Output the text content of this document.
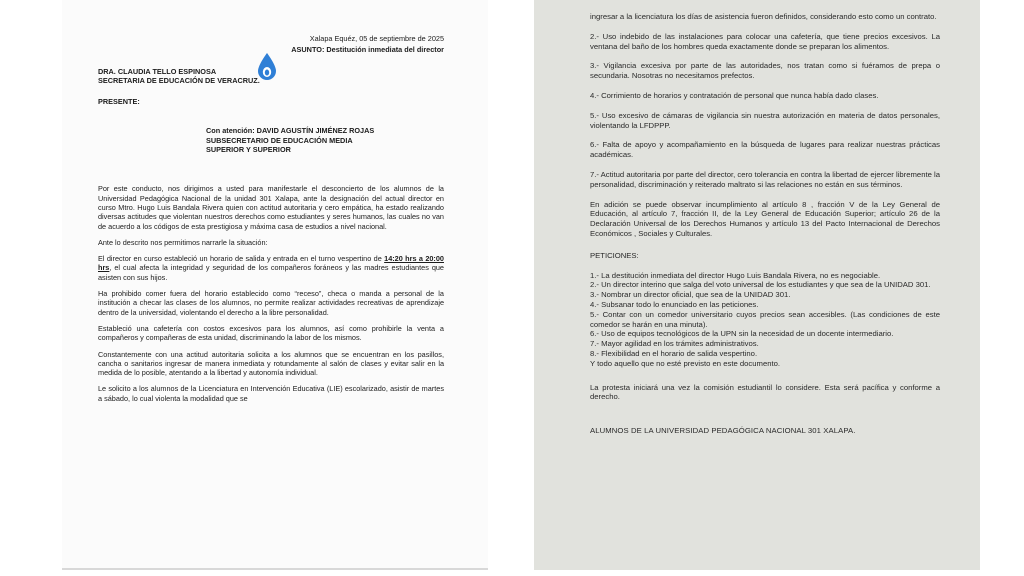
Xalapa Equéz, 05 de septiembre de 2025
ASUNTO: Destitución inmediata del director
DRA. CLAUDIA TELLO ESPINOSA
SECRETARIA DE EDUCACIÓN DE VERACRUZ.
PRESENTE:
Con atención: DAVID AGUSTÍN JIMÉNEZ ROJAS
SUBSECRETARIO DE EDUCACIÓN MEDIA
SUPERIOR Y SUPERIOR

Por este conducto, nos dirigimos a usted para manifestarle el desconcierto de los alumnos de la Universidad Pedagógica Nacional de la unidad 301 Xalapa, ante la designación del actual director en curso Mtro. Hugo Luis Bandala Rivera quien con actitud autoritaria y cero empática, ha estado realizando diversas actitudes que violentan nuestros derechos como estudiantes y seres humanos, las cuales no van de acuerdo a los códigos de esta prestigiosa y máxima casa de estudios a nivel nacional.

Ante lo descrito nos permitimos narrarle la situación:

El director en curso estableció un horario de salida y entrada en el turno vespertino de 14:20 hrs a 20:00 hrs, el cual afecta la integridad y seguridad de los compañeros foráneos y las madres estudiantes que asisten con sus hijos.

Ha prohibido comer fuera del horario establecido como “receso”, checa o manda a personal de la institución a checar las clases de los alumnos, no permite realizar actividades recreativas de aprendizaje dentro de la universidad, violentando el derecho a la libre personalidad.

Estableció una cafetería con costos excesivos para los alumnos, así como prohibirle la venta a compañeros y compañeras de esta unidad, discriminando la labor de los mismos.

Constantemente con una actitud autoritaria solicita a los alumnos que se encuentran en los pasillos, cancha o sanitarios ingresar de manera inmediata y rotundamente al salón de clases y evitar salir en la medida de lo posible, atentando a la libertad y autonomía individual.

Le solicito a los alumnos de la Licenciatura en Intervención Educativa (LIE) escolarizado, asistir de martes a sábado, lo cual violenta la modalidad que se

ingresar a la licenciatura los días de asistencia fueron definidos, considerando esto como un contrato.

2.- Uso indebido de las instalaciones para colocar una cafetería, que tiene precios excesivos. La ventana del baño de los hombres queda exactamente donde se preparan los alimentos.

3.- Vigilancia excesiva por parte de las autoridades, nos tratan como si fuéramos de prepa o secundaria. Nosotras no necesitamos prefectos.

4.- Corrimiento de horarios y contratación de personal que nunca había dado clases.

5.- Uso excesivo de cámaras de vigilancia sin nuestra autorización en materia de datos personales, violentando la LFDPPP.

6.- Falta de apoyo y acompañamiento en la búsqueda de lugares para realizar nuestras prácticas académicas.

7.- Actitud autoritaria por parte del director, cero tolerancia en contra la libertad de ejercer libremente la personalidad, discriminación y reiterado maltrato si las relaciones no están en sus términos.

En adición se puede observar incumplimiento al artículo 8 , fracción V de la Ley General de Educación, al artículo 7, fracción II, de la Ley General de Educación Superior; artículo 26 de la Declaración Universal de los Derechos Humanos y artículo 13 del Pacto Internacional de Derechos Económicos , Sociales y Culturales.

PETICIONES:

1.- La destitución inmediata del director Hugo Luis Bandala Rivera, no es negociable.

2.- Un director interino que salga del voto universal de los estudiantes y que sea de la UNIDAD 301.

3.- Nombrar un director oficial, que sea de la UNIDAD 301.

4.- Subsanar todo lo enunciado en las peticiones.

5.- Contar con un comedor universitario cuyos precios sean accesibles. (Las condiciones de este comedor se harán en una minuta).

6.- Uso de equipos tecnológicos de la UPN sin la necesidad de un docente intermediario.

7.- Mayor agilidad en los trámites administrativos.

8.- Flexibilidad en el horario de salida vespertino.

Y todo aquello que no esté previsto en este documento.

La protesta iniciará una vez la comisión estudiantil lo considere. Esta será pacífica y conforme a derecho.

ALUMNOS DE LA UNIVERSIDAD PEDAGÓGICA NACIONAL 301 XALAPA.
